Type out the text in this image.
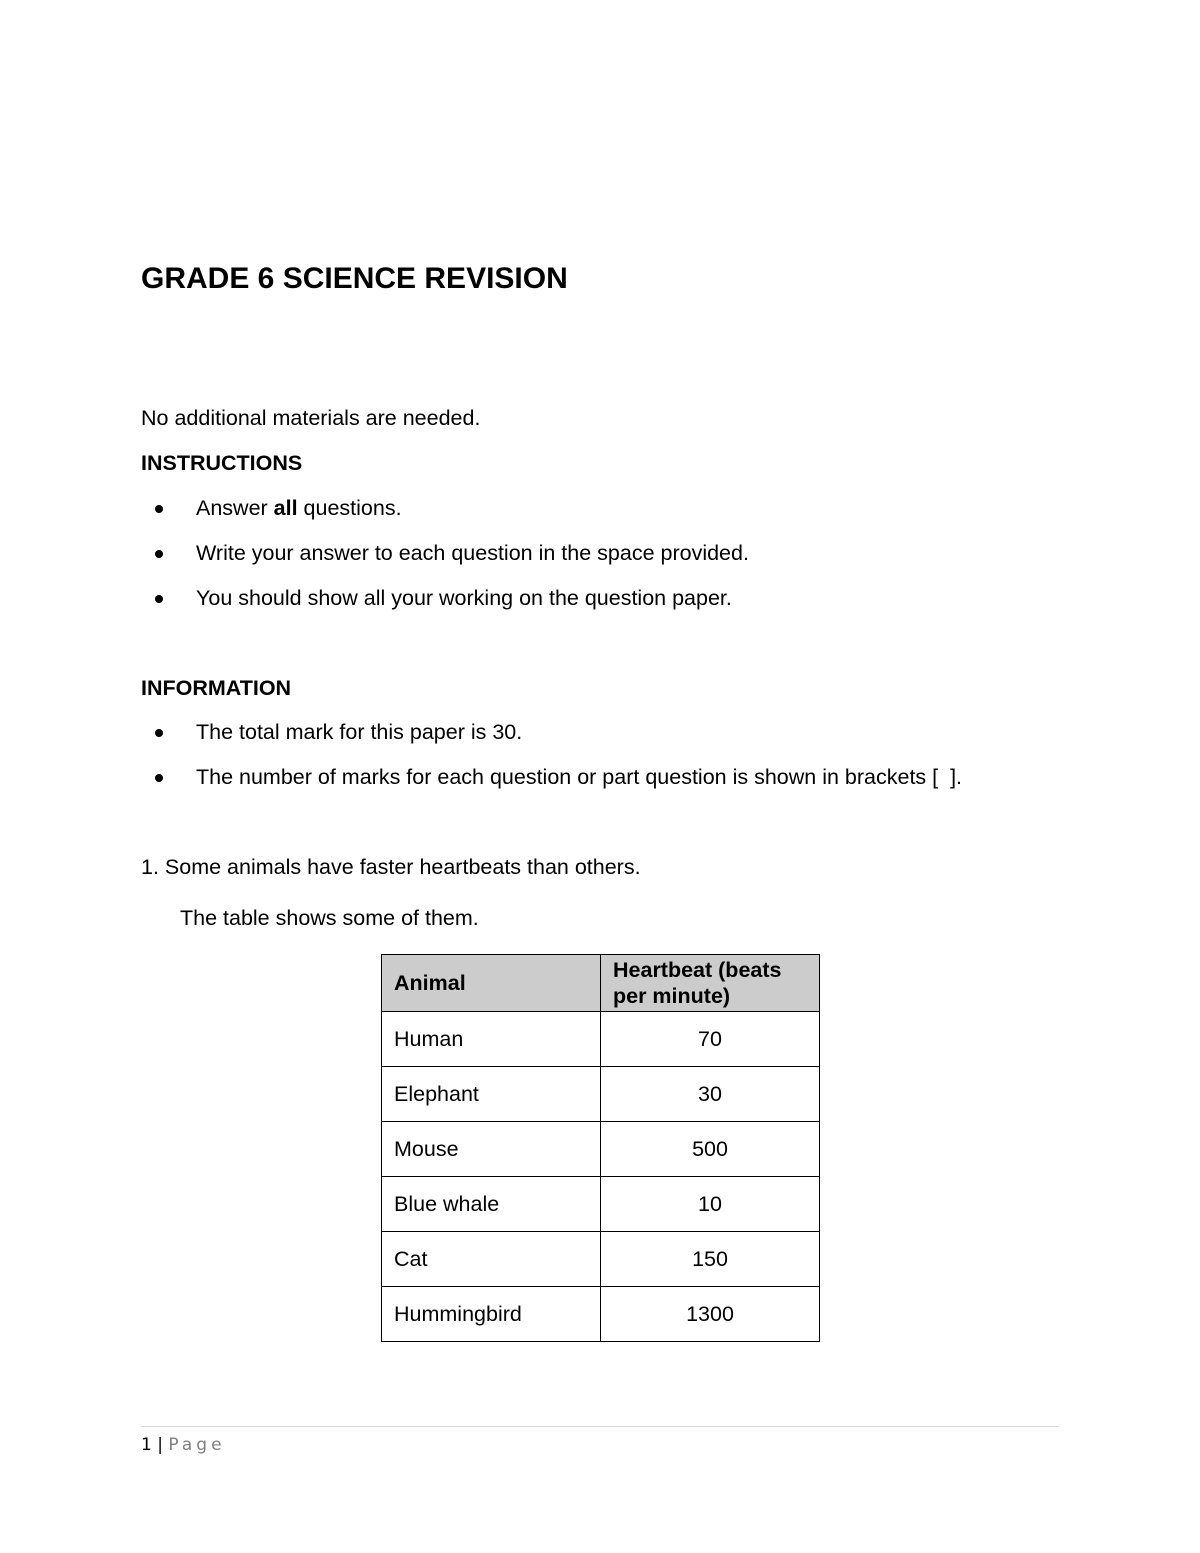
GRADE 6 SCIENCE REVISION
No additional materials are needed.
INSTRUCTIONS
Answer all questions.
Write your answer to each question in the space provided.
You should show all your working on the question paper.
INFORMATION
The total mark for this paper is 30.
The number of marks for each question or part question is shown in brackets [  ].
1. Some animals have faster heartbeats than others.
The table shows some of them.
Animal	Heartbeat (beats per minute)
Human	70
Elephant	30
Mouse	500
Blue whale	10
Cat	150
Hummingbird	1300
1 | Page
